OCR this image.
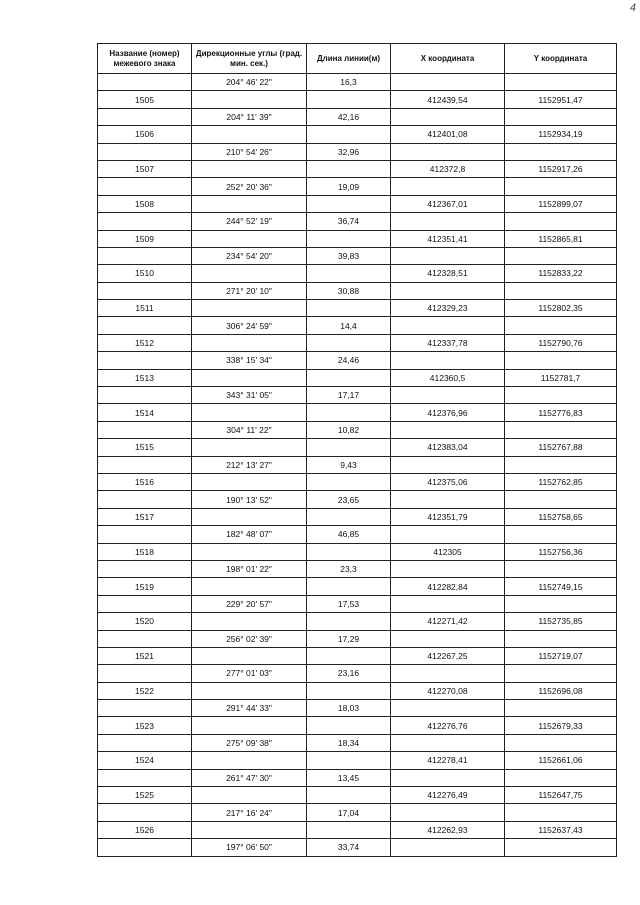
4
Название (номер) межевого знака	Дирекционные углы (град. мин. сек.)	Длина линии(м)	X координата	Y координата
	204° 46' 22"	16,3		
1505			412439,54	1152951,47
	204° 11' 39"	42,16		
1506			412401,08	1152934,19
	210° 54' 26"	32,96		
1507			412372,8	1152917,26
	252° 20' 36"	19,09		
1508			412367,01	1152899,07
	244° 52' 19"	36,74		
1509			412351,41	1152865,81
	234° 54' 20"	39,83		
1510			412328,51	1152833,22
	271° 20' 10"	30,88		
1511			412329,23	1152802,35
	306° 24' 59"	14,4		
1512			412337,78	1152790,76
	338° 15' 34"	24,46		
1513			412360,5	1152781,7
	343° 31' 05"	17,17		
1514			412376,96	1152776,83
	304° 11' 22"	10,82		
1515			412383,04	1152767,88
	212° 13' 27"	9,43		
1516			412375,06	1152762,85
	190° 13' 52"	23,65		
1517			412351,79	1152758,65
	182° 48' 07"	46,85		
1518			412305	1152756,36
	198° 01' 22"	23,3		
1519			412282,84	1152749,15
	229° 20' 57"	17,53		
1520			412271,42	1152735,85
	256° 02' 39"	17,29		
1521			412267,25	1152719,07
	277° 01' 03"	23,16		
1522			412270,08	1152696,08
	291° 44' 33"	18,03		
1523			412276,76	1152679,33
	275° 09' 38"	18,34		
1524			412278,41	1152661,06
	261° 47' 30"	13,45		
1525			412276,49	1152647,75
	217° 16' 24"	17,04		
1526			412262,93	1152637,43
	197° 06' 50"	33,74		
